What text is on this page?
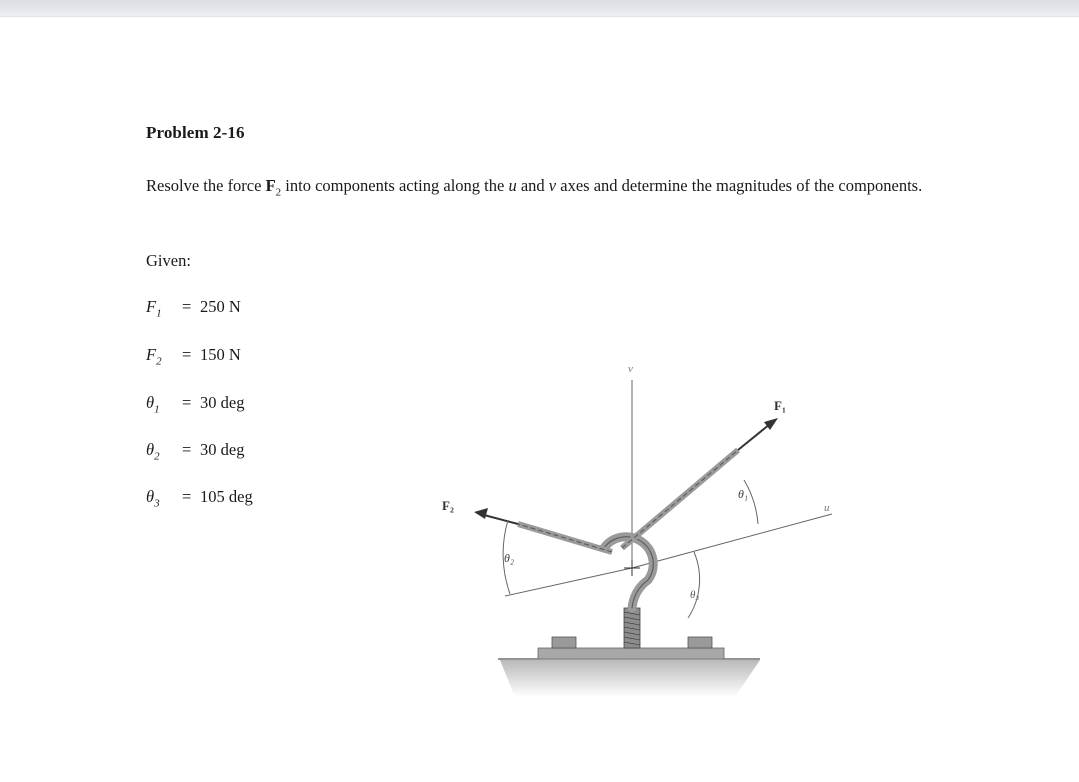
Problem 2-16
Resolve the force $F_2$ into components acting along the u and v axes and determine the magnitudes of the components.
Given:
$F_1 = 250$ N
$F_2 = 150$ N
$\theta_1 = 30$ deg
$\theta_2 = 30$ deg
$\theta_3 = 105$ deg
v
u
F₁
F₂
θ₁
θ₂
θ₃
